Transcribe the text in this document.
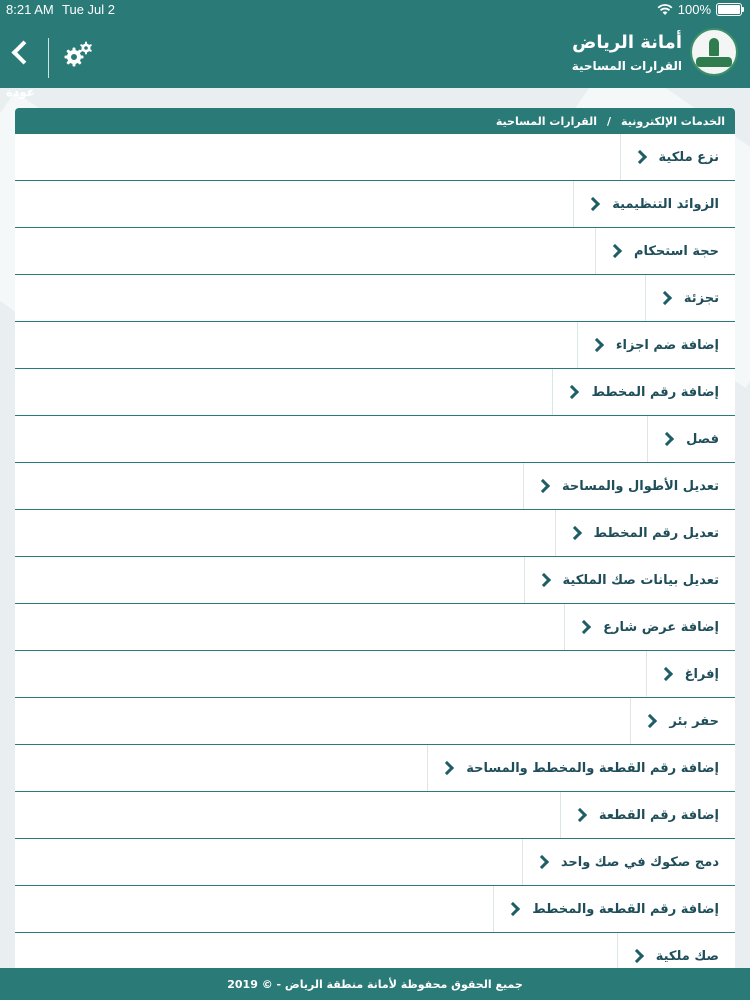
8:21 AM Tue Jul 2	100%
عودة
أمانة الرياض
القرارات المساحية
الخدمات الإلكترونية
/
القرارات المساحية
نزع ملكية
الزوائد التنظيمية
حجة استحكام
تجزئة
إضافة ضم اجزاء
إضافة رقم المخطط
فصل
تعديل الأطوال والمساحة
تعديل رقم المخطط
تعديل بيانات صك الملكية
إضافة عرض شارع
إفراغ
حفر بئر
إضافة رقم القطعة والمخطط والمساحة
إضافة رقم القطعة
دمج صكوك في صك واحد
إضافة رقم القطعة والمخطط
صك ملكية
جميع الحقوق محفوظة لأمانة منطقة الرياض - © 2019
